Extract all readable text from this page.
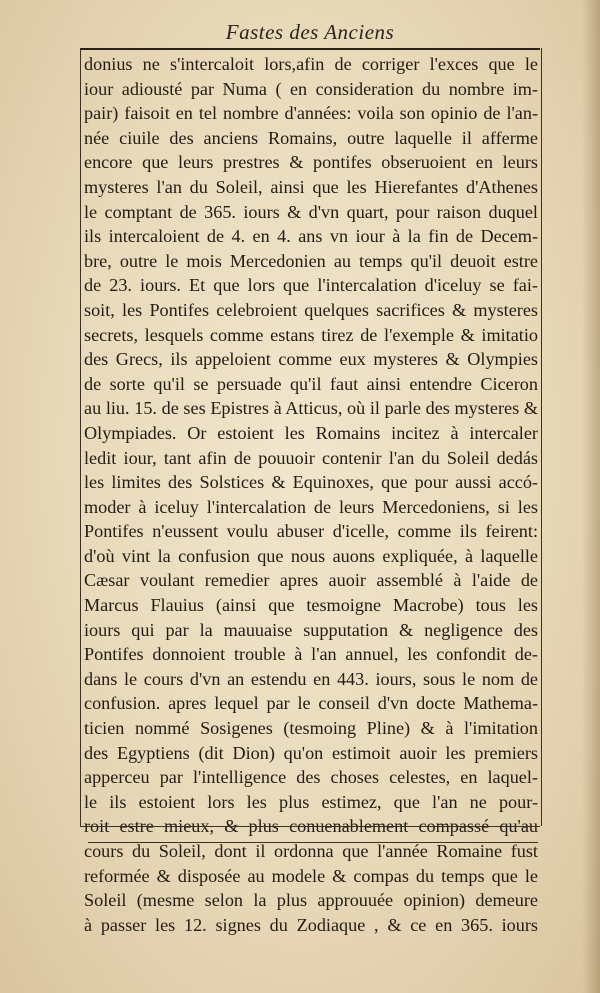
Fastes des Anciens
donius ne s'intercaloit lors,afin de corriger l'exces que le
iour adiousté par Numa ( en consideration du nombre im-
pair) faisoit en tel nombre d'années: voila son opinio de l'an-
née ciuile des anciens Romains, outre laquelle il afferme
encore que leurs prestres & pontifes obseruoient en leurs
mysteres l'an du Soleil, ainsi que les Hierefantes d'Athenes
le comptant de 365. iours & d'vn quart, pour raison duquel
ils intercaloient de 4. en 4. ans vn iour à la fin de Decem-
bre, outre le mois Mercedonien au temps qu'il deuoit estre
de 23. iours. Et que lors que l'intercalation d'iceluy se fai-
soit, les Pontifes celebroient quelques sacrifices & mysteres
secrets, lesquels comme estans tirez de l'exemple & imitatio
des Grecs, ils appeloient comme eux mysteres & Olympies
de sorte qu'il se persuade qu'il faut ainsi entendre Ciceron
au liu. 15. de ses Epistres à Atticus, où il parle des mysteres &
Olympiades. Or estoient les Romains incitez à intercaler
ledit iour, tant afin de pouuoir contenir l'an du Soleil dedás
les limites des Solstices & Equinoxes, que pour aussi accó-
moder à iceluy l'intercalation de leurs Mercedoniens, si les
Pontifes n'eussent voulu abuser d'icelle, comme ils feirent:
d'où vint la confusion que nous auons expliquée, à laquelle
Cæsar voulant remedier apres auoir assemblé à l'aide de
Marcus Flauius (ainsi que tesmoigne Macrobe) tous les
iours qui par la mauuaise supputation & negligence des
Pontifes donnoient trouble à l'an annuel, les confondit de-
dans le cours d'vn an estendu en 443. iours, sous le nom de
confusion. apres lequel par le conseil d'vn docte Mathema-
ticien nommé Sosigenes (tesmoing Pline) & à l'imitation
des Egyptiens (dit Dion) qu'on estimoit auoir les premiers
apperceu par l'intelligence des choses celestes, en laquel-
le ils estoient lors les plus estimez, que l'an ne pour-
roit estre mieux, & plus conuenablement compassé qu'au
cours du Soleil, dont il ordonna que l'année Romaine fust
reformée & disposée au modele & compas du temps que le
Soleil (mesme selon la plus approuuée opinion) demeure
à passer les 12. signes du Zodiaque , & ce en 365. iours
